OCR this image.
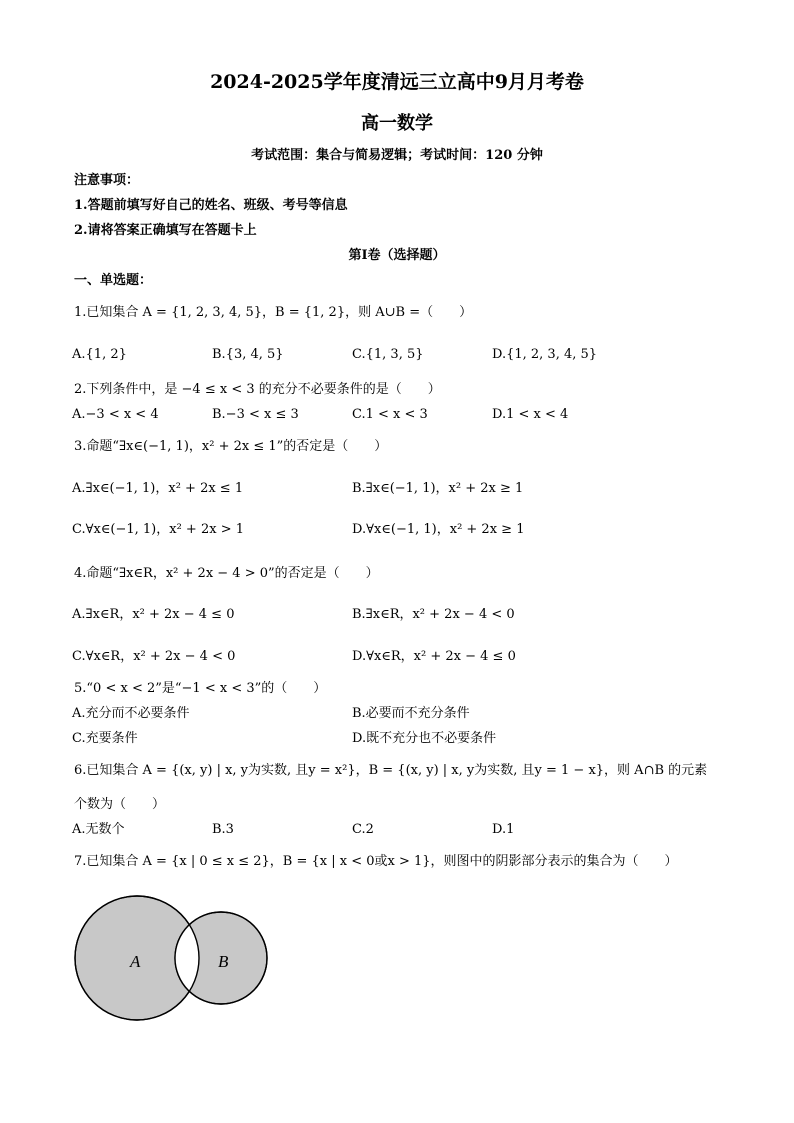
2024-2025学年度清远三立高中9月月考卷
高一数学
考试范围：集合与简易逻辑；考试时间：120 分钟
注意事项：
1.答题前填写好自己的姓名、班级、考号等信息
2.请将答案正确填写在答题卡上
第Ⅰ卷（选择题）
一、单选题：
1.已知集合 A = {1, 2, 3, 4, 5}，B = {1, 2}，则 A∪B =（　　）
A.{1, 2}	B.{3, 4, 5}	C.{1, 3, 5}	D.{1, 2, 3, 4, 5}
2.下列条件中，是 −4 ≤ x < 3 的充分不必要条件的是（　　）
A.−3 < x < 4	B.−3 < x ≤ 3	C.1 < x < 3	D.1 < x < 4
3.命题“∃x∈(−1, 1)，x² + 2x ≤ 1”的否定是（　　）
A.∃x∈(−1, 1)，x² + 2x ≤ 1	B.∃x∈(−1, 1)，x² + 2x ≥ 1
C.∀x∈(−1, 1)，x² + 2x > 1	D.∀x∈(−1, 1)，x² + 2x ≥ 1
4.命题“∃x∈R，x² + 2x − 4 > 0”的否定是（　　）
A.∃x∈R，x² + 2x − 4 ≤ 0	B.∃x∈R，x² + 2x − 4 < 0
C.∀x∈R，x² + 2x − 4 < 0	D.∀x∈R，x² + 2x − 4 ≤ 0
5.“0 < x < 2”是“−1 < x < 3”的（　　）
A.充分而不必要条件	B.必要而不充分条件
C.充要条件	D.既不充分也不必要条件
6.已知集合 A = {(x, y) | x, y为实数, 且y = x²}，B = {(x, y) | x, y为实数, 且y = 1 − x}，则 A∩B 的元素
个数为（　　）
A.无数个	B.3	C.2	D.1
7.已知集合 A = {x | 0 ≤ x ≤ 2}，B = {x | x < 0或x > 1}，则图中的阴影部分表示的集合为（　　）
A	B
